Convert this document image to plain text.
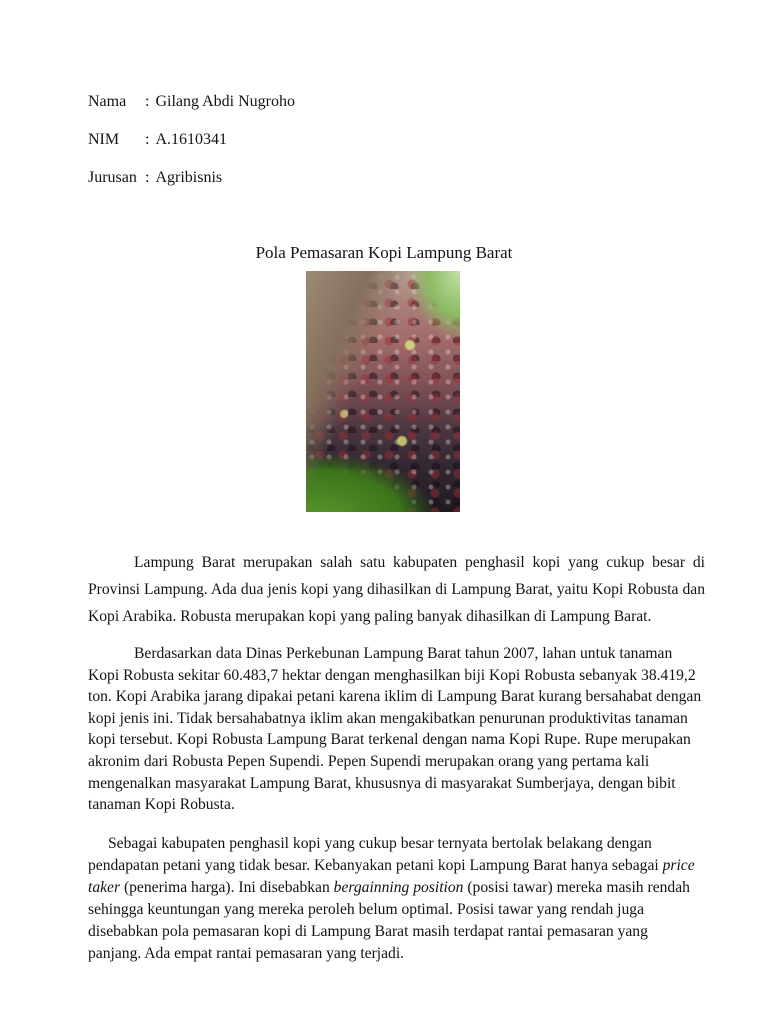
Nama	: Gilang Abdi Nugroho
NIM	: A.1610341
Jurusan : Agribisnis
Pola Pemasaran Kopi Lampung Barat

Lampung Barat merupakan salah satu kabupaten penghasil kopi yang cukup besar di Provinsi Lampung. Ada dua jenis kopi yang dihasilkan di Lampung Barat, yaitu Kopi Robusta dan Kopi Arabika. Robusta merupakan kopi yang paling banyak dihasilkan di Lampung Barat.

Berdasarkan data Dinas Perkebunan Lampung Barat tahun 2007, lahan untuk tanaman Kopi Robusta sekitar 60.483,7 hektar dengan menghasilkan biji Kopi Robusta sebanyak 38.419,2 ton. Kopi Arabika jarang dipakai petani karena iklim di Lampung Barat kurang bersahabat dengan kopi jenis ini. Tidak bersahabatnya iklim akan mengakibatkan penurunan produktivitas tanaman kopi tersebut. Kopi Robusta Lampung Barat terkenal dengan nama Kopi Rupe. Rupe merupakan akronim dari Robusta Pepen Supendi. Pepen Supendi merupakan orang yang pertama kali mengenalkan masyarakat Lampung Barat, khususnya di masyarakat Sumberjaya, dengan bibit tanaman Kopi Robusta.

Sebagai kabupaten penghasil kopi yang cukup besar ternyata bertolak belakang dengan pendapatan petani yang tidak besar. Kebanyakan petani kopi Lampung Barat hanya sebagai price taker (penerima harga). Ini disebabkan bergainning position (posisi tawar) mereka masih rendah sehingga keuntungan yang mereka peroleh belum optimal. Posisi tawar yang rendah juga disebabkan pola pemasaran kopi di Lampung Barat masih terdapat rantai pemasaran yang panjang. Ada empat rantai pemasaran yang terjadi.
